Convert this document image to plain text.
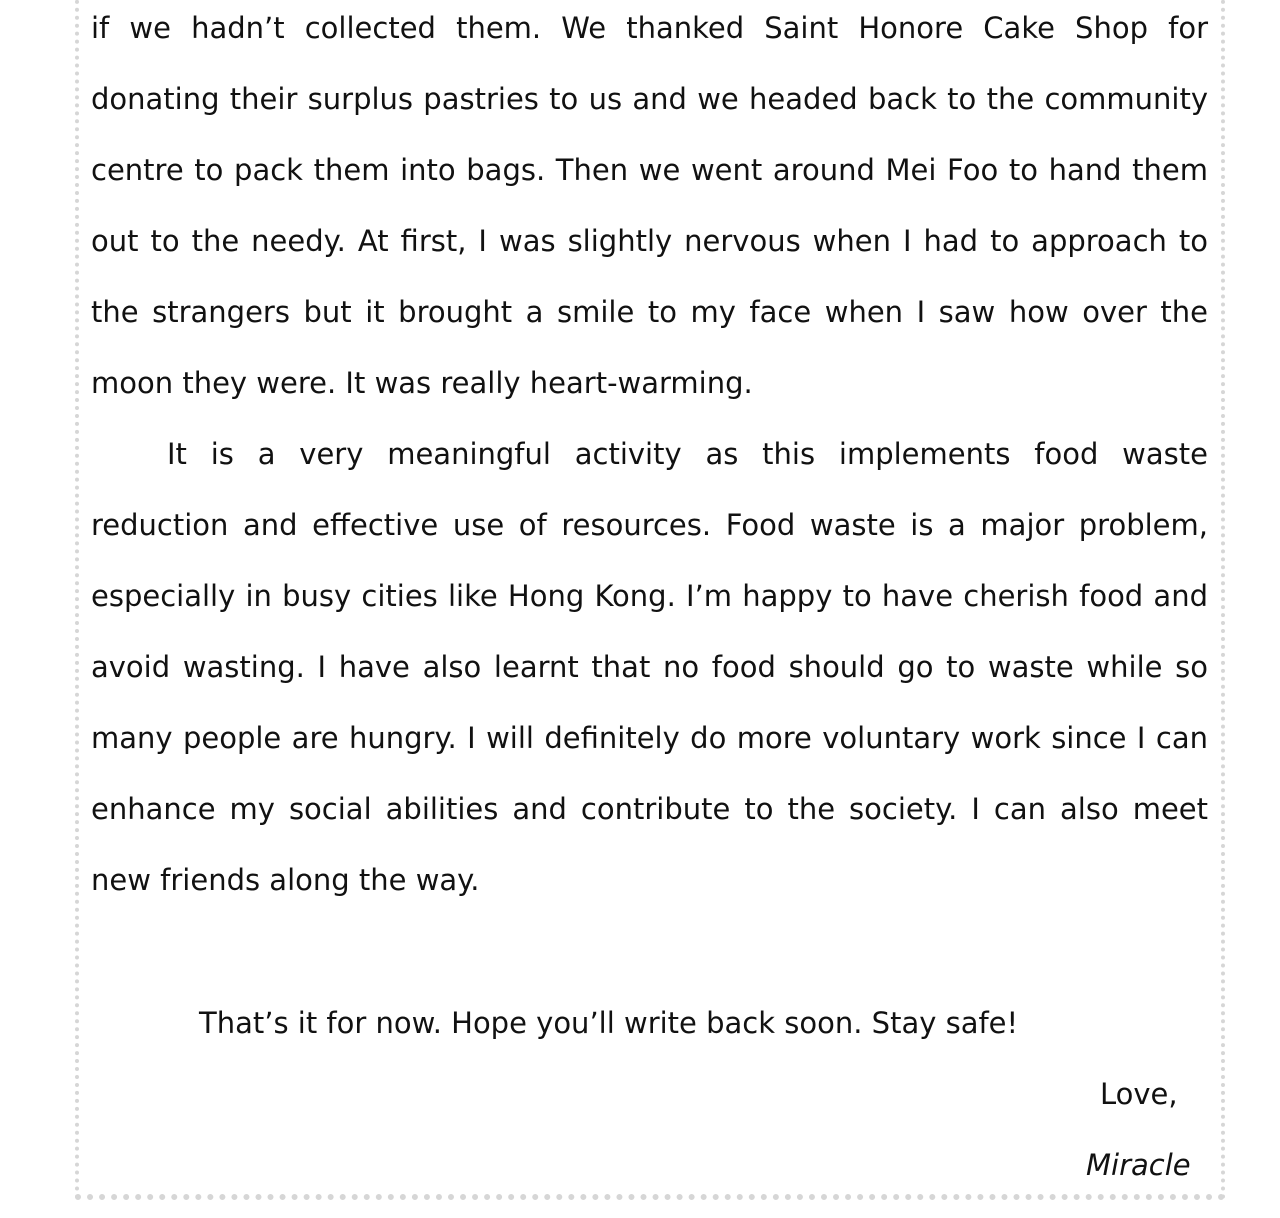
if we hadn’t collected them. We thanked Saint Honore Cake Shop for donating their surplus pastries to us and we headed back to the community centre to pack them into bags. Then we went around Mei Foo to hand them out to the needy. At first, I was slightly nervous when I had to approach to the strangers but it brought a smile to my face when I saw how over the moon they were. It was really heart-warming.

It is a very meaningful activity as this implements food waste reduction and effective use of resources. Food waste is a major problem, especially in busy cities like Hong Kong. I’m happy to have cherish food and avoid wasting. I have also learnt that no food should go to waste while so many people are hungry. I will definitely do more voluntary work since I can enhance my social abilities and contribute to the society. I can also meet new friends along the way.

That’s it for now. Hope you’ll write back soon. Stay safe!
Love,
Miracle
